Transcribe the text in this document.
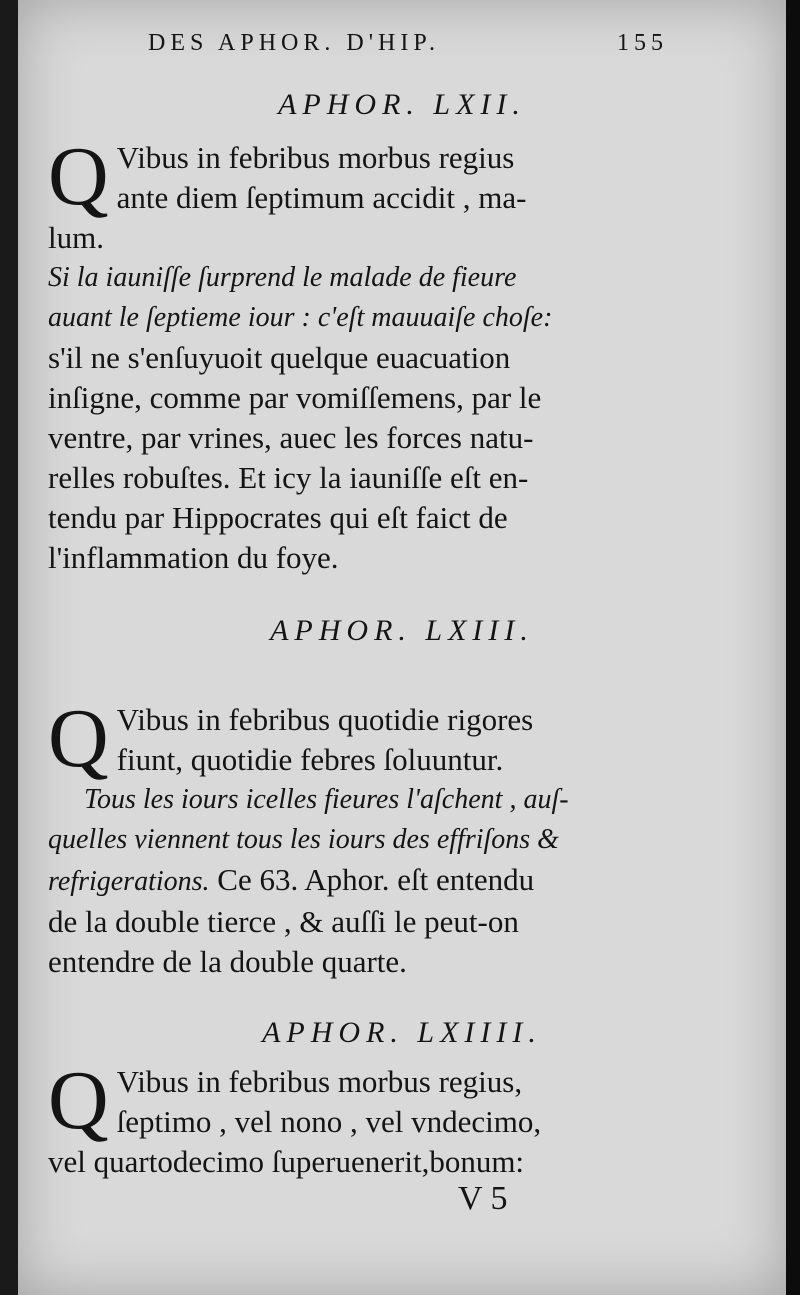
DES APHOR. D'HIP.	155
APHOR. LXII.
Q Vibus in febribus morbus regius
ante diem ſeptimum accidit , ma-
lum.
Si la iauniſſe ſurprend le malade de fieure
auant le ſeptieme iour : c'eſt mauuaiſe choſe:
s'il ne s'enſuyuoit quelque euacuation
inſigne, comme par vomiſſemens, par le
ventre, par vrines, auec les forces natu-
relles robuſtes. Et icy la iauniſſe eſt en-
tendu par Hippocrates qui eſt faict de
l'inflammation du foye.
APHOR. LXIII.
Q Vibus in febribus quotidie rigores
fiunt, quotidie febres ſoluuntur.
Tous les iours icelles fieures l'aſchent , auſ-
quelles viennent tous les iours des effriſons &
refrigerations. Ce 63. Aphor. eſt entendu
de la double tierce , & auſſi le peut-on
entendre de la double quarte.
APHOR. LXIIII.
Q Vibus in febribus morbus regius,
ſeptimo , vel nono , vel vndecimo,
vel quartodecimo ſuperuenerit,bonum:
V 5
